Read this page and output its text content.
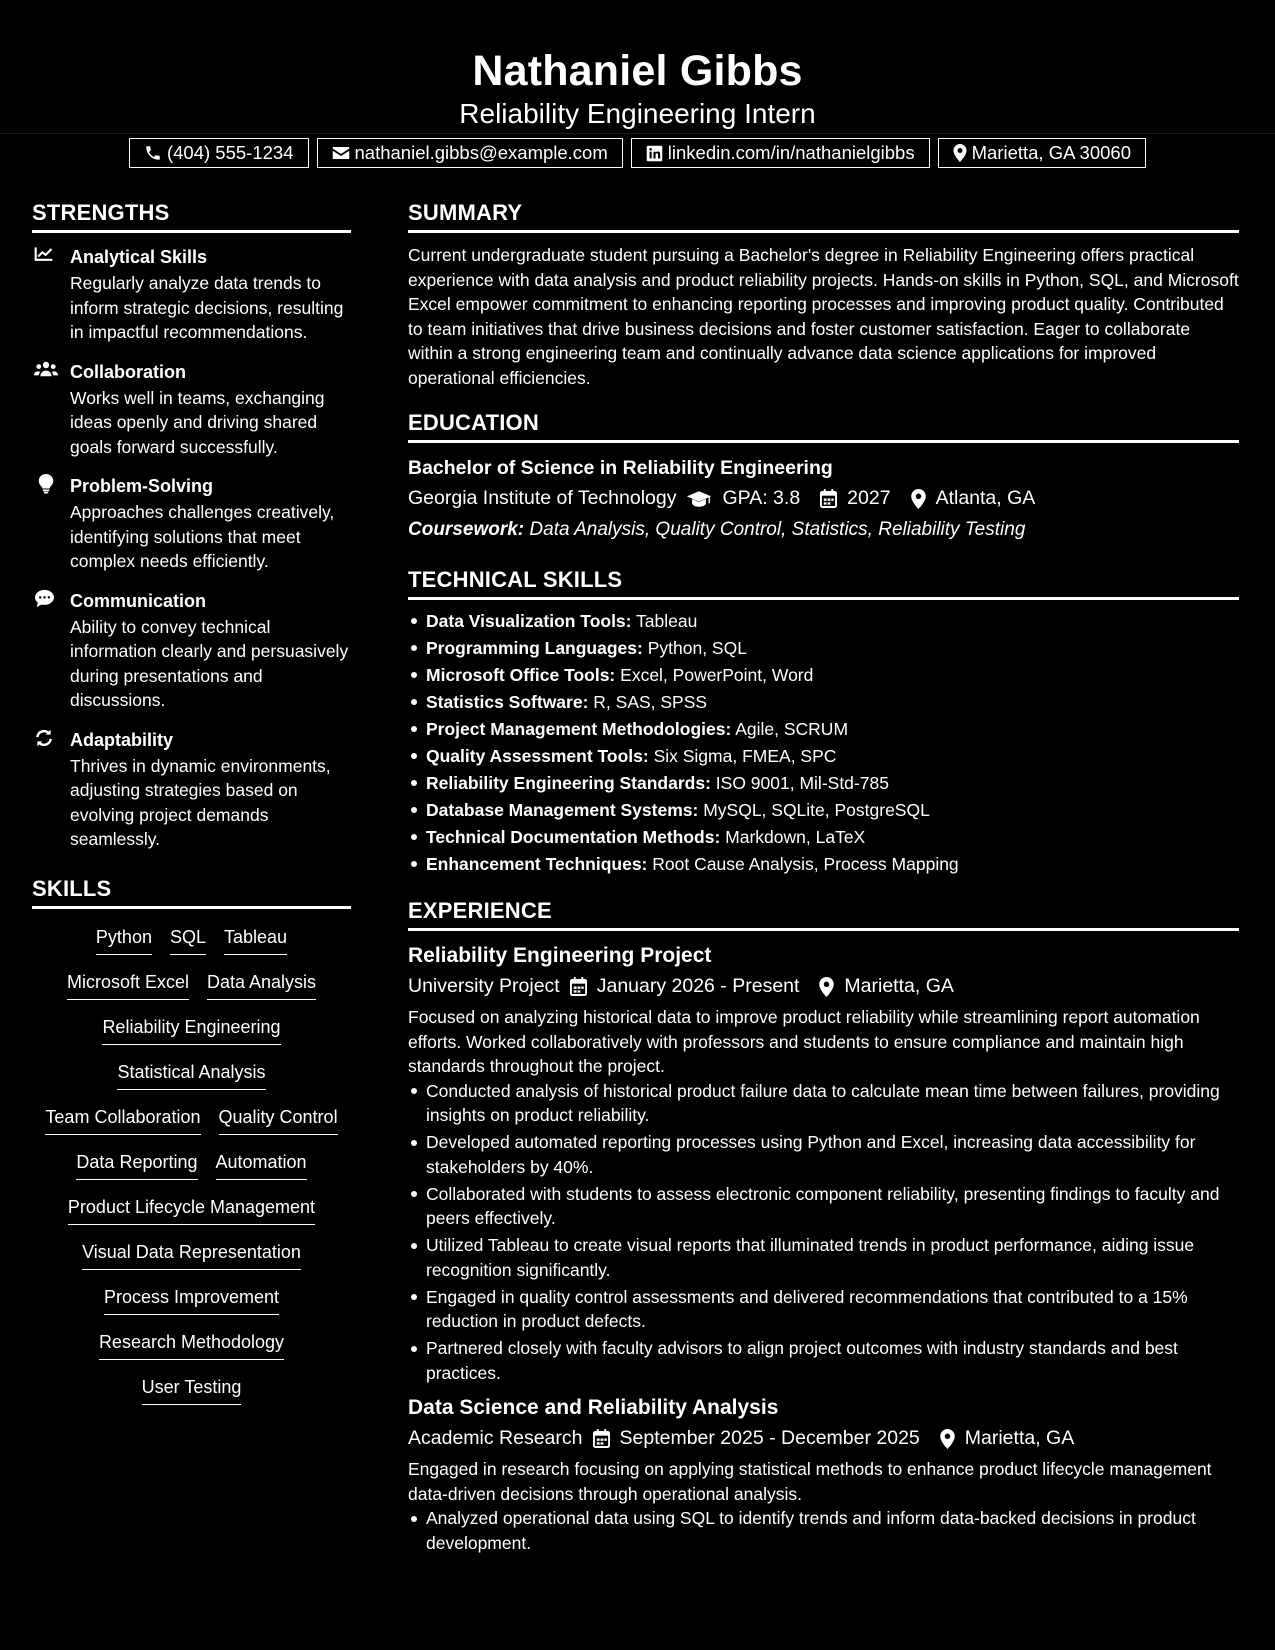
Nathaniel Gibbs
Reliability Engineering Intern
(404) 555-1234	nathaniel.gibbs@example.com	linkedin.com/in/nathanielgibbs	Marietta, GA 30060
STRENGTHS
Analytical Skills
Regularly analyze data trends to inform strategic decisions, resulting in impactful recommendations.
Collaboration
Works well in teams, exchanging ideas openly and driving shared goals forward successfully.
Problem-Solving
Approaches challenges creatively, identifying solutions that meet complex needs efficiently.
Communication
Ability to convey technical information clearly and persuasively during presentations and discussions.
Adaptability
Thrives in dynamic environments, adjusting strategies based on evolving project demands seamlessly.
SKILLS
Python SQL Tableau
Microsoft Excel Data Analysis
Reliability Engineering
Statistical Analysis
Team Collaboration Quality Control
Data Reporting Automation
Product Lifecycle Management
Visual Data Representation
Process Improvement
Research Methodology
User Testing
SUMMARY

Current undergraduate student pursuing a Bachelor's degree in Reliability Engineering offers practical experience with data analysis and product reliability projects. Hands-on skills in Python, SQL, and Microsoft Excel empower commitment to enhancing reporting processes and improving product quality. Contributed to team initiatives that drive business decisions and foster customer satisfaction. Eager to collaborate within a strong engineering team and continually advance data science applications for improved operational efficiencies.

EDUCATION
Bachelor of Science in Reliability Engineering
Georgia Institute of Technology GPA: 3.8 2027 Atlanta, GA
Coursework: Data Analysis, Quality Control, Statistics, Reliability Testing
TECHNICAL SKILLS
Data Visualization Tools: Tableau
Programming Languages: Python, SQL
Microsoft Office Tools: Excel, PowerPoint, Word
Statistics Software: R, SAS, SPSS
Project Management Methodologies: Agile, SCRUM
Quality Assessment Tools: Six Sigma, FMEA, SPC
Reliability Engineering Standards: ISO 9001, Mil-Std-785
Database Management Systems: MySQL, SQLite, PostgreSQL
Technical Documentation Methods: Markdown, LaTeX
Enhancement Techniques: Root Cause Analysis, Process Mapping
EXPERIENCE
Reliability Engineering Project
University Project January 2026 - Present Marietta, GA

Focused on analyzing historical data to improve product reliability while streamlining report automation efforts. Worked collaboratively with professors and students to ensure compliance and maintain high standards throughout the project.

Conducted analysis of historical product failure data to calculate mean time between failures, providing insights on product reliability.
Developed automated reporting processes using Python and Excel, increasing data accessibility for stakeholders by 40%.
Collaborated with students to assess electronic component reliability, presenting findings to faculty and peers effectively.
Utilized Tableau to create visual reports that illuminated trends in product performance, aiding issue recognition significantly.
Engaged in quality control assessments and delivered recommendations that contributed to a 15% reduction in product defects.
Partnered closely with faculty advisors to align project outcomes with industry standards and best practices.
Data Science and Reliability Analysis
Academic Research September 2025 - December 2025 Marietta, GA

Engaged in research focusing on applying statistical methods to enhance product lifecycle management data-driven decisions through operational analysis.

Analyzed operational data using SQL to identify trends and inform data-backed decisions in product development.
